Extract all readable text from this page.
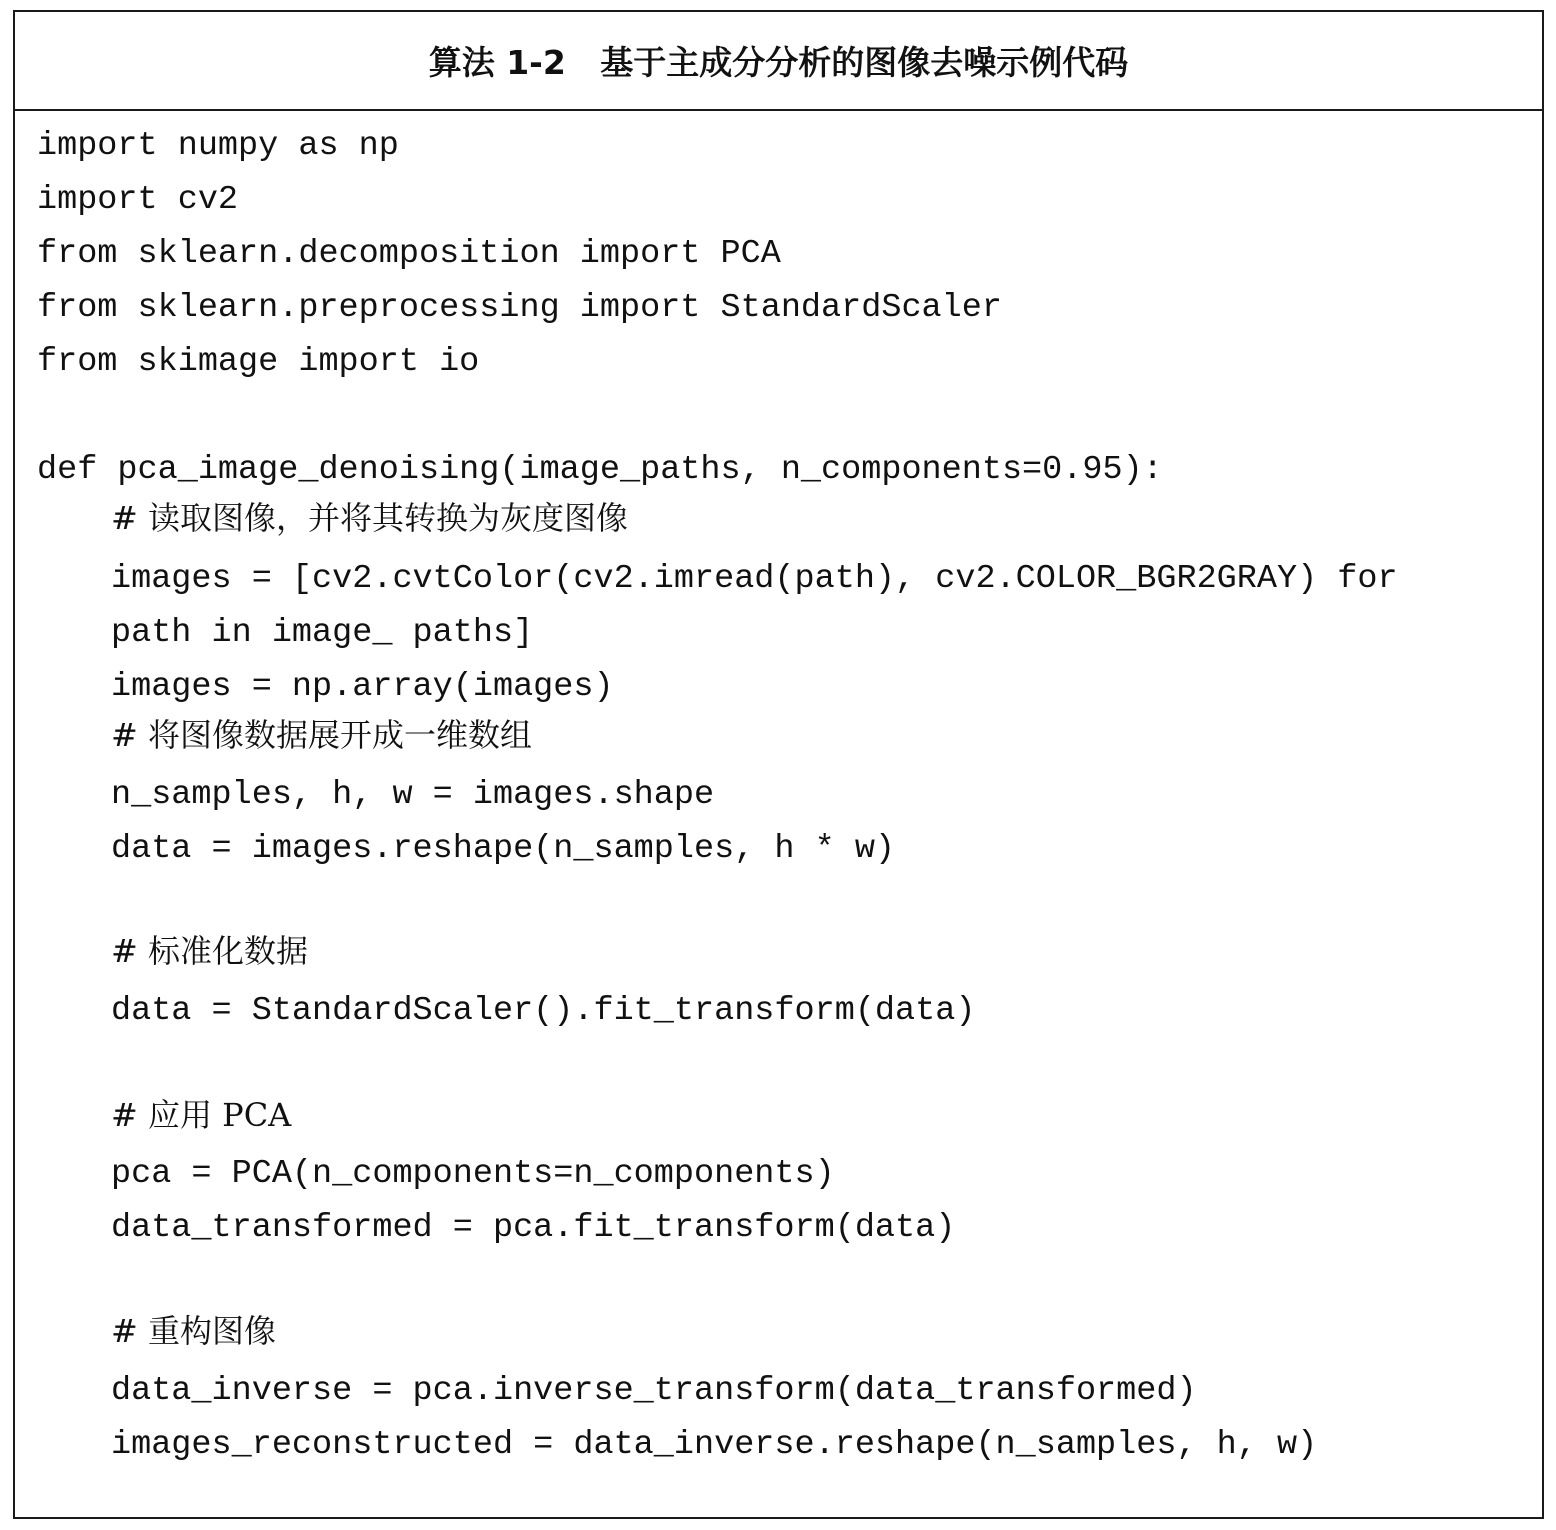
算法 1-2   基于主成分分析的图像去噪示例代码
import numpy as np
import cv2
from sklearn.decomposition import PCA
from sklearn.preprocessing import StandardScaler
from skimage import io
def pca_image_denoising(image_paths, n_components=0.95):
# 读取图像，并将其转换为灰度图像
images = [cv2.cvtColor(cv2.imread(path), cv2.COLOR_BGR2GRAY) for
path in image_ paths]
images = np.array(images)
# 将图像数据展开成一维数组
n_samples, h, w = images.shape
data = images.reshape(n_samples, h * w)
# 标准化数据
data = StandardScaler().fit_transform(data)
# 应用 PCA
pca = PCA(n_components=n_components)
data_transformed = pca.fit_transform(data)
# 重构图像
data_inverse = pca.inverse_transform(data_transformed)
images_reconstructed = data_inverse.reshape(n_samples, h, w)
